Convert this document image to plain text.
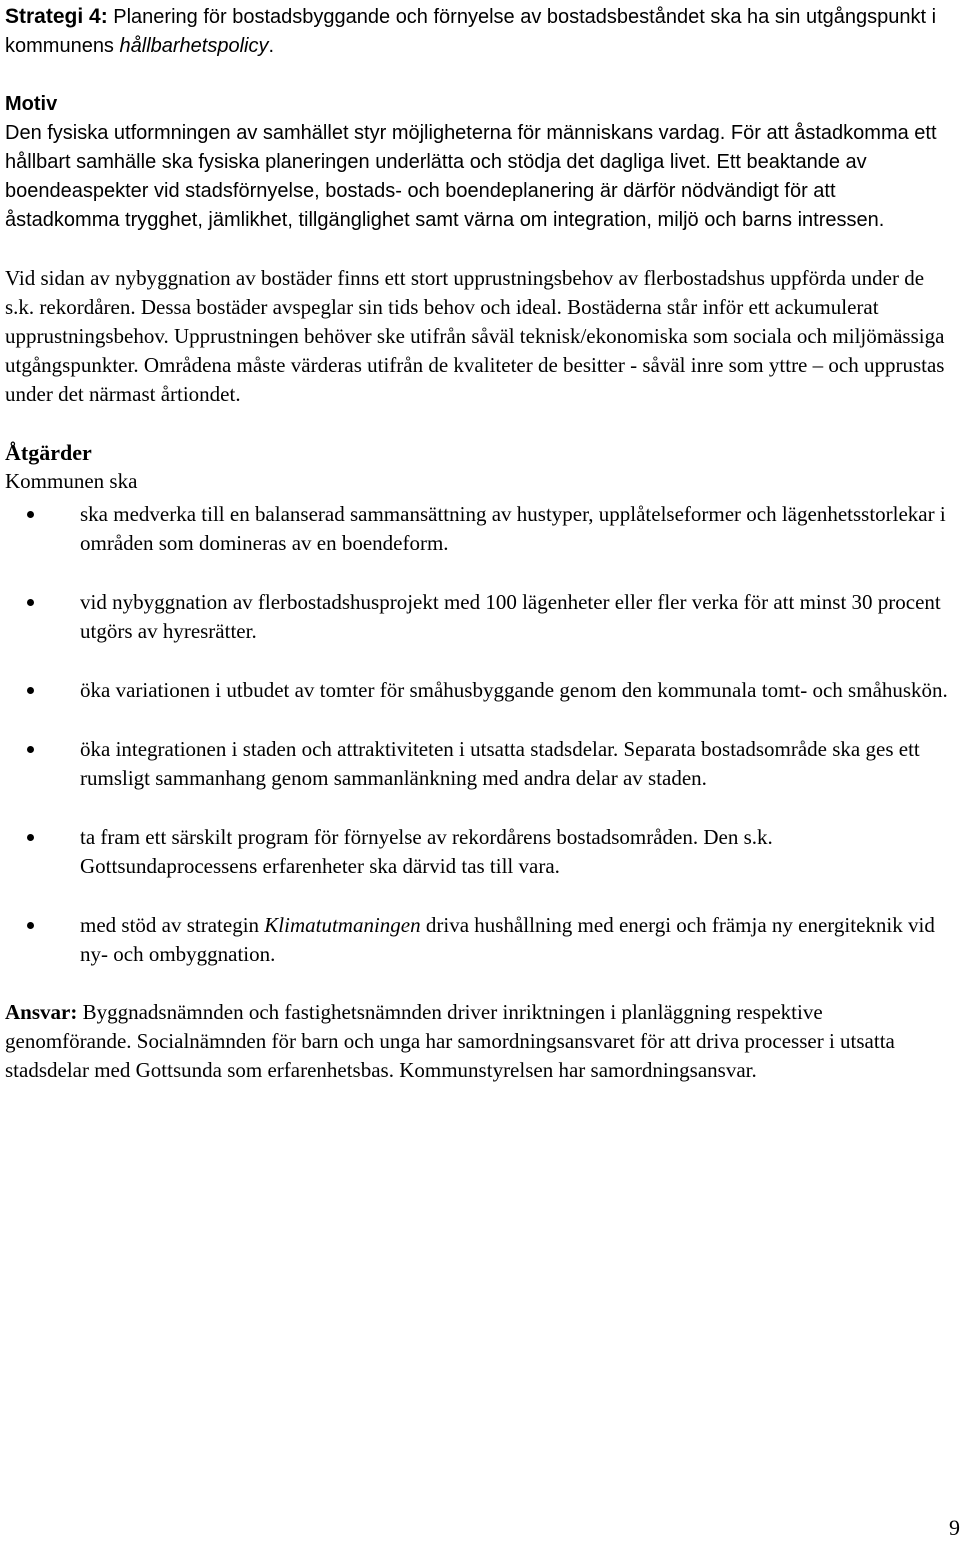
Strategi 4: Planering för bostadsbyggande och förnyelse av bostadsbeståndet ska ha sin utgångspunkt i kommunens hållbarhetspolicy.

Motiv

Den fysiska utformningen av samhället styr möjligheterna för människans vardag. För att åstadkomma ett hållbart samhälle ska fysiska planeringen underlätta och stödja det dagliga livet. Ett beaktande av boendeaspekter vid stadsförnyelse, bostads- och boendeplanering är därför nödvändigt för att åstadkomma trygghet, jämlikhet, tillgänglighet samt värna om integration, miljö och barns intressen.

Vid sidan av nybyggnation av bostäder finns ett stort upprustningsbehov av flerbostadshus uppförda under de s.k. rekordåren. Dessa bostäder avspeglar sin tids behov och ideal. Bostäderna står inför ett ackumulerat upprustningsbehov. Upprustningen behöver ske utifrån såväl teknisk/ekonomiska som sociala och miljömässiga utgångspunkter. Områdena måste värderas utifrån de kvaliteter de besitter - såväl inre som yttre – och upprustas under det närmast årtiondet.

Åtgärder

Kommunen ska

ska medverka till en balanserad sammansättning av hustyper, upplåtelseformer och lägenhetsstorlekar i områden som domineras av en boendeform.
vid nybyggnation av flerbostadshusprojekt med 100 lägenheter eller fler verka för att minst 30 procent utgörs av hyresrätter.
öka variationen i utbudet av tomter för småhusbyggande genom den kommunala tomt- och småhuskön.
öka integrationen i staden och attraktiviteten i utsatta stadsdelar. Separata bostadsområde ska ges ett rumsligt sammanhang genom sammanlänkning med andra delar av staden.
ta fram ett särskilt program för förnyelse av rekordårens bostadsområden. Den s.k. Gottsundaprocessens erfarenheter ska därvid tas till vara.
med stöd av strategin Klimatutmaningen driva hushållning med energi och främja ny energiteknik vid ny- och ombyggnation.

Ansvar: Byggnadsnämnden och fastighetsnämnden driver inriktningen i planläggning respektive genomförande. Socialnämnden för barn och unga har samordningsansvaret för att driva processer i utsatta stadsdelar med Gottsunda som erfarenhetsbas. Kommunstyrelsen har samordningsansvar.

9
